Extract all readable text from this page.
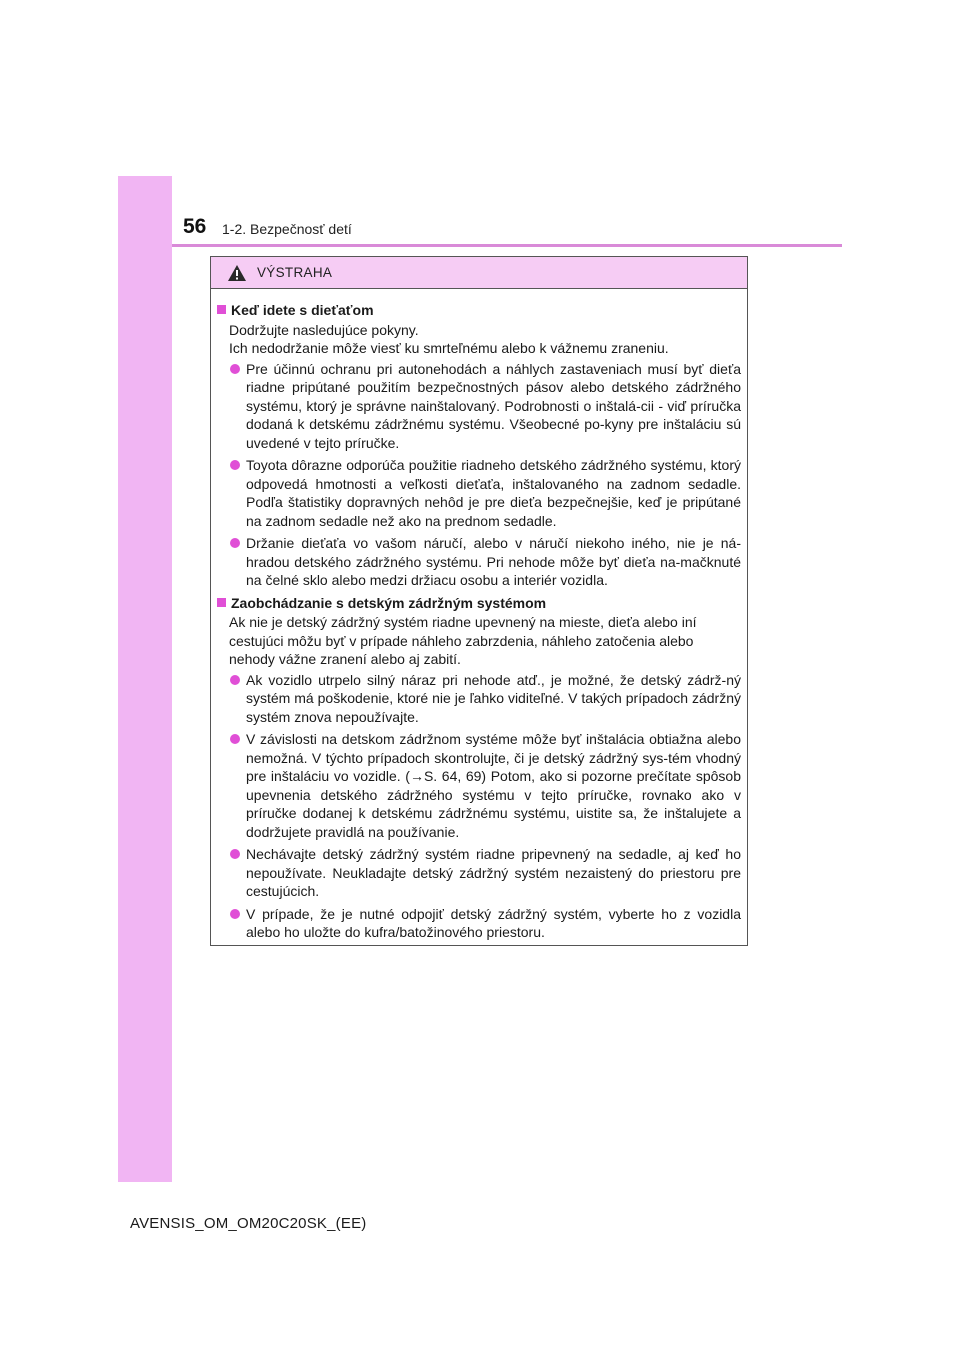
56 1-2. Bezpečnosť detí
VÝSTRAHA
Keď idete s dieťaťom
Dodržujte nasledujúce pokyny.
Ich nedodržanie môže viesť ku smrteľnému alebo k vážnemu zraneniu.
Pre účinnú ochranu pri autonehodách a náhlych zastaveniach musí byť dieťa riadne pripútané použitím bezpečnostných pásov alebo detského zádržného systému, ktorý je správne nainštalovaný. Podrobnosti o inštalá-cii - viď príručka dodaná k detskému zádržnému systému. Všeobecné po-kyny pre inštaláciu sú uvedené v tejto príručke.
Toyota dôrazne odporúča použitie riadneho detského zádržného systému, ktorý odpovedá hmotnosti a veľkosti dieťaťa, inštalovaného na zadnom sedadle. Podľa štatistiky dopravných nehôd je pre dieťa bezpečnejšie, keď je pripútané na zadnom sedadle než ako na prednom sedadle.
Držanie dieťaťa vo vašom náručí, alebo v náručí niekoho iného, nie je ná-hradou detského zádržného systému. Pri nehode môže byť dieťa na-mačknuté na čelné sklo alebo medzi držiacu osobu a interiér vozidla.
Zaobchádzanie s detským zádržným systémom
Ak nie je detský zádržný systém riadne upevnený na mieste, dieťa alebo iní cestujúci môžu byť v prípade náhleho zabrzdenia, náhleho zatočenia alebo nehody vážne zranení alebo aj zabití.
Ak vozidlo utrpelo silný náraz pri nehode atď., je možné, že detský zádrž-ný systém má poškodenie, ktoré nie je ľahko viditeľné. V takých prípadoch zádržný systém znova nepoužívajte.
V závislosti na detskom zádržnom systéme môže byť inštalácia obtiažna alebo nemožná. V týchto prípadoch skontrolujte, či je detský zádržný sys-tém vhodný pre inštaláciu vo vozidle. (→S. 64, 69) Potom, ako si pozorne prečítate spôsob upevnenia detského zádržného systému v tejto príručke, rovnako ako v príručke dodanej k detskému zádržnému systému, uistite sa, že inštalujete a dodržujete pravidlá na používanie.
Nechávajte detský zádržný systém riadne pripevnený na sedadle, aj keď ho nepoužívate. Neukladajte detský zádržný systém nezaistený do priestoru pre cestujúcich.
V prípade, že je nutné odpojiť detský zádržný systém, vyberte ho z vozidla alebo ho uložte do kufra/batožinového priestoru.
AVENSIS_OM_OM20C20SK_(EE)
